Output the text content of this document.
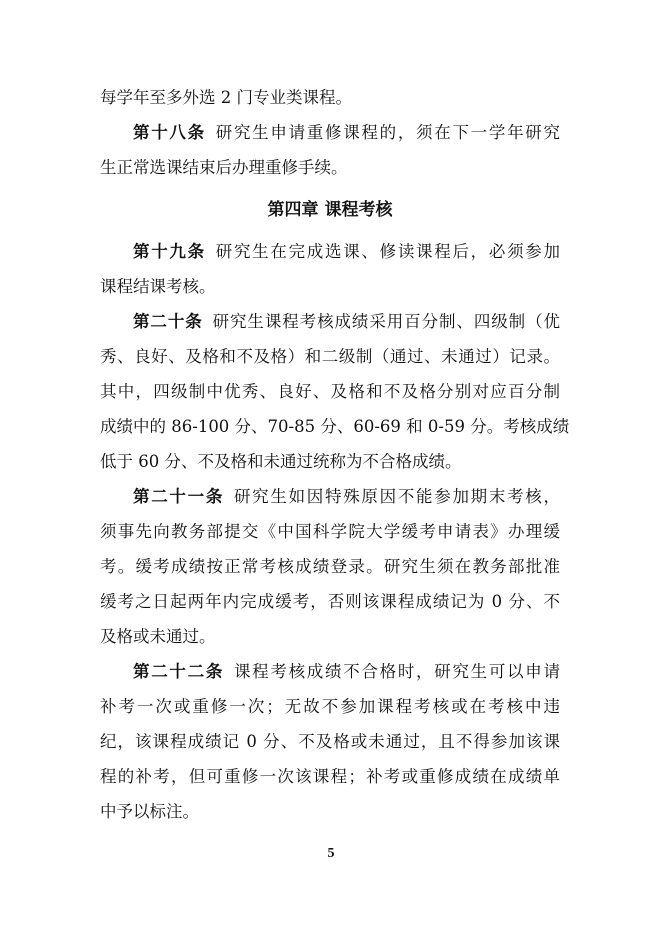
每学年至多外选 2 门专业类课程。
第十八条 研究生申请重修课程的，须在下一学年研究
生正常选课结束后办理重修手续。
第四章 课程考核
第十九条 研究生在完成选课、修读课程后，必须参加
课程结课考核。
第二十条 研究生课程考核成绩采用百分制、四级制（优
秀、良好、及格和不及格）和二级制（通过、未通过）记录。
其中，四级制中优秀、良好、及格和不及格分别对应百分制
成绩中的 86-100 分、70-85 分、60-69 和 0-59 分。考核成绩
低于 60 分、不及格和未通过统称为不合格成绩。
第二十一条 研究生如因特殊原因不能参加期末考核，
须事先向教务部提交《中国科学院大学缓考申请表》办理缓
考。缓考成绩按正常考核成绩登录。研究生须在教务部批准
缓考之日起两年内完成缓考，否则该课程成绩记为 0 分、不
及格或未通过。
第二十二条 课程考核成绩不合格时，研究生可以申请
补考一次或重修一次；无故不参加课程考核或在考核中违
纪，该课程成绩记 0 分、不及格或未通过，且不得参加该课
程的补考，但可重修一次该课程；补考或重修成绩在成绩单
中予以标注。
5
